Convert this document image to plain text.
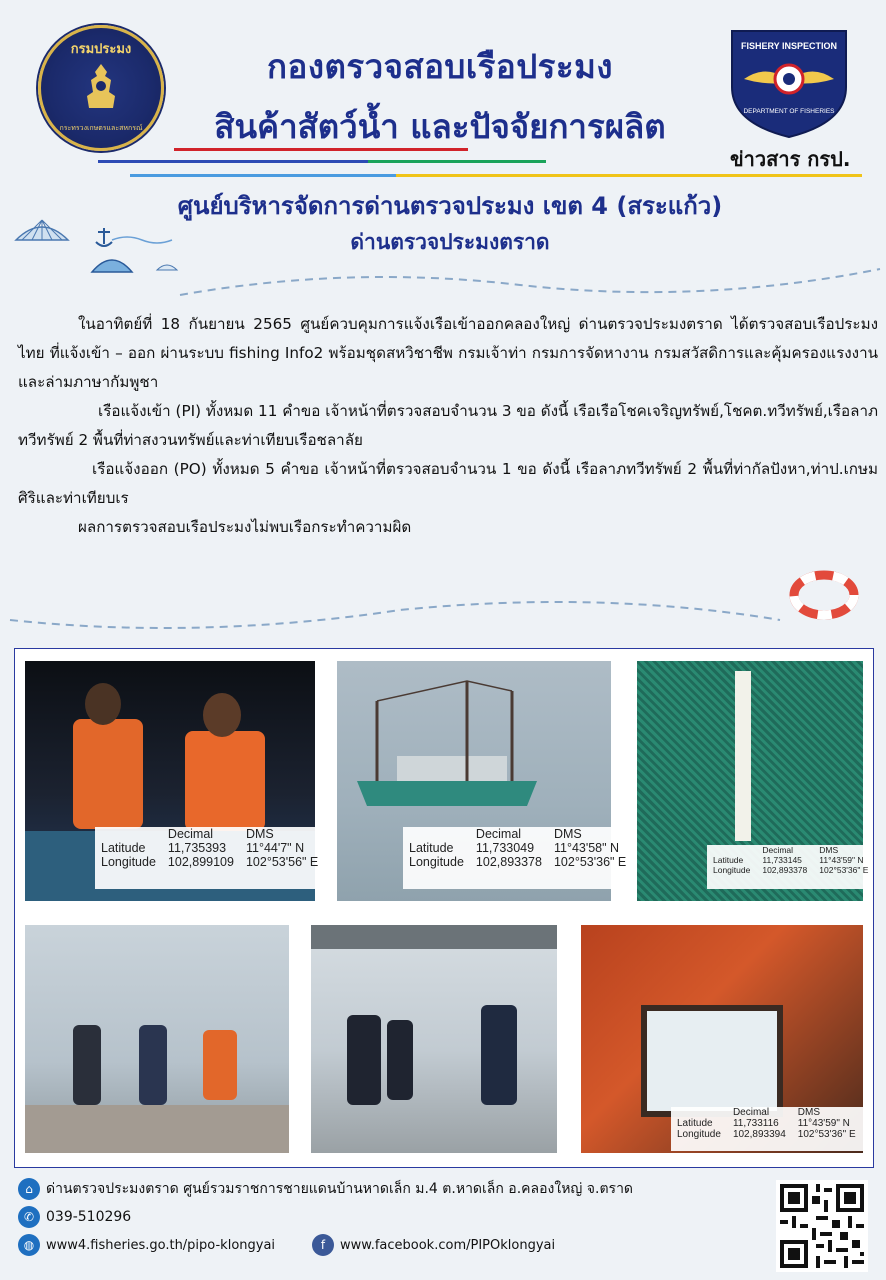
กรมประมง
กระทรวงเกษตรและสหกรณ์
กองตรวจสอบเรือประมง
สินค้าสัตว์น้ำ และปัจจัยการผลิต
FISHERY INSPECTION
DEPARTMENT OF FISHERIES
ข่าวสาร กรป.
ศูนย์บริหารจัดการด่านตรวจประมง เขต 4 (สระแก้ว)
ด่านตรวจประมงตราด

ในอาทิตย์ที่ 18 กันยายน 2565 ศูนย์ควบคุมการแจ้งเรือเข้าออกคลองใหญ่ ด่านตรวจประมงตราด ได้ตรวจสอบเรือประมงไทย ที่แจ้งเข้า – ออก ผ่านระบบ fishing Info2 พร้อมชุดสหวิชาชีพ กรมเจ้าท่า กรมการจัดหางาน กรมสวัสดิการและคุ้มครองแรงงาน และล่ามภาษากัมพูชา

เรือแจ้งเข้า (PI) ทั้งหมด 11 คำขอ เจ้าหน้าที่ตรวจสอบจำนวน 3 ขอ ดังนี้ เรือเรือโชคเจริญทรัพย์,โชคต.ทวีทรัพย์,เรือลาภทวีทรัพย์ 2 พื้นที่ท่าสงวนทรัพย์และท่าเทียบเรือชลาลัย

เรือแจ้งออก (PO) ทั้งหมด 5 คำขอ เจ้าหน้าที่ตรวจสอบจำนวน 1 ขอ ดังนี้ เรือลาภทวีทรัพย์ 2 พื้นที่ท่ากัลปังหา,ท่าป.เกษมศิริและท่าเทียบเร

ผลการตรวจสอบเรือประมงไม่พบเรือกระทำความผิด

	Decimal	DMS
Latitude	11,735393	11°44'7" N
Longitude	102,899109	102°53'56" E
	Decimal	DMS
Latitude	11,733049	11°43'58" N
Longitude	102,893378	102°53'36" E
	Decimal	DMS
Latitude	11,733145	11°43'59" N
Longitude	102,893378	102°53'36" E
	Decimal	DMS
Latitude	11,733116	11°43'59" N
Longitude	102,893394	102°53'36" E
⌂ ด่านตรวจประมงตราด ศูนย์รวมราชการชายแดนบ้านหาดเล็ก ม.4 ต.หาดเล็ก อ.คลองใหญ่ จ.ตราด
✆ 039-510296
◍ www4.fisheries.go.th/pipo-klongyai	f	www.facebook.com/PIPOklongyai
